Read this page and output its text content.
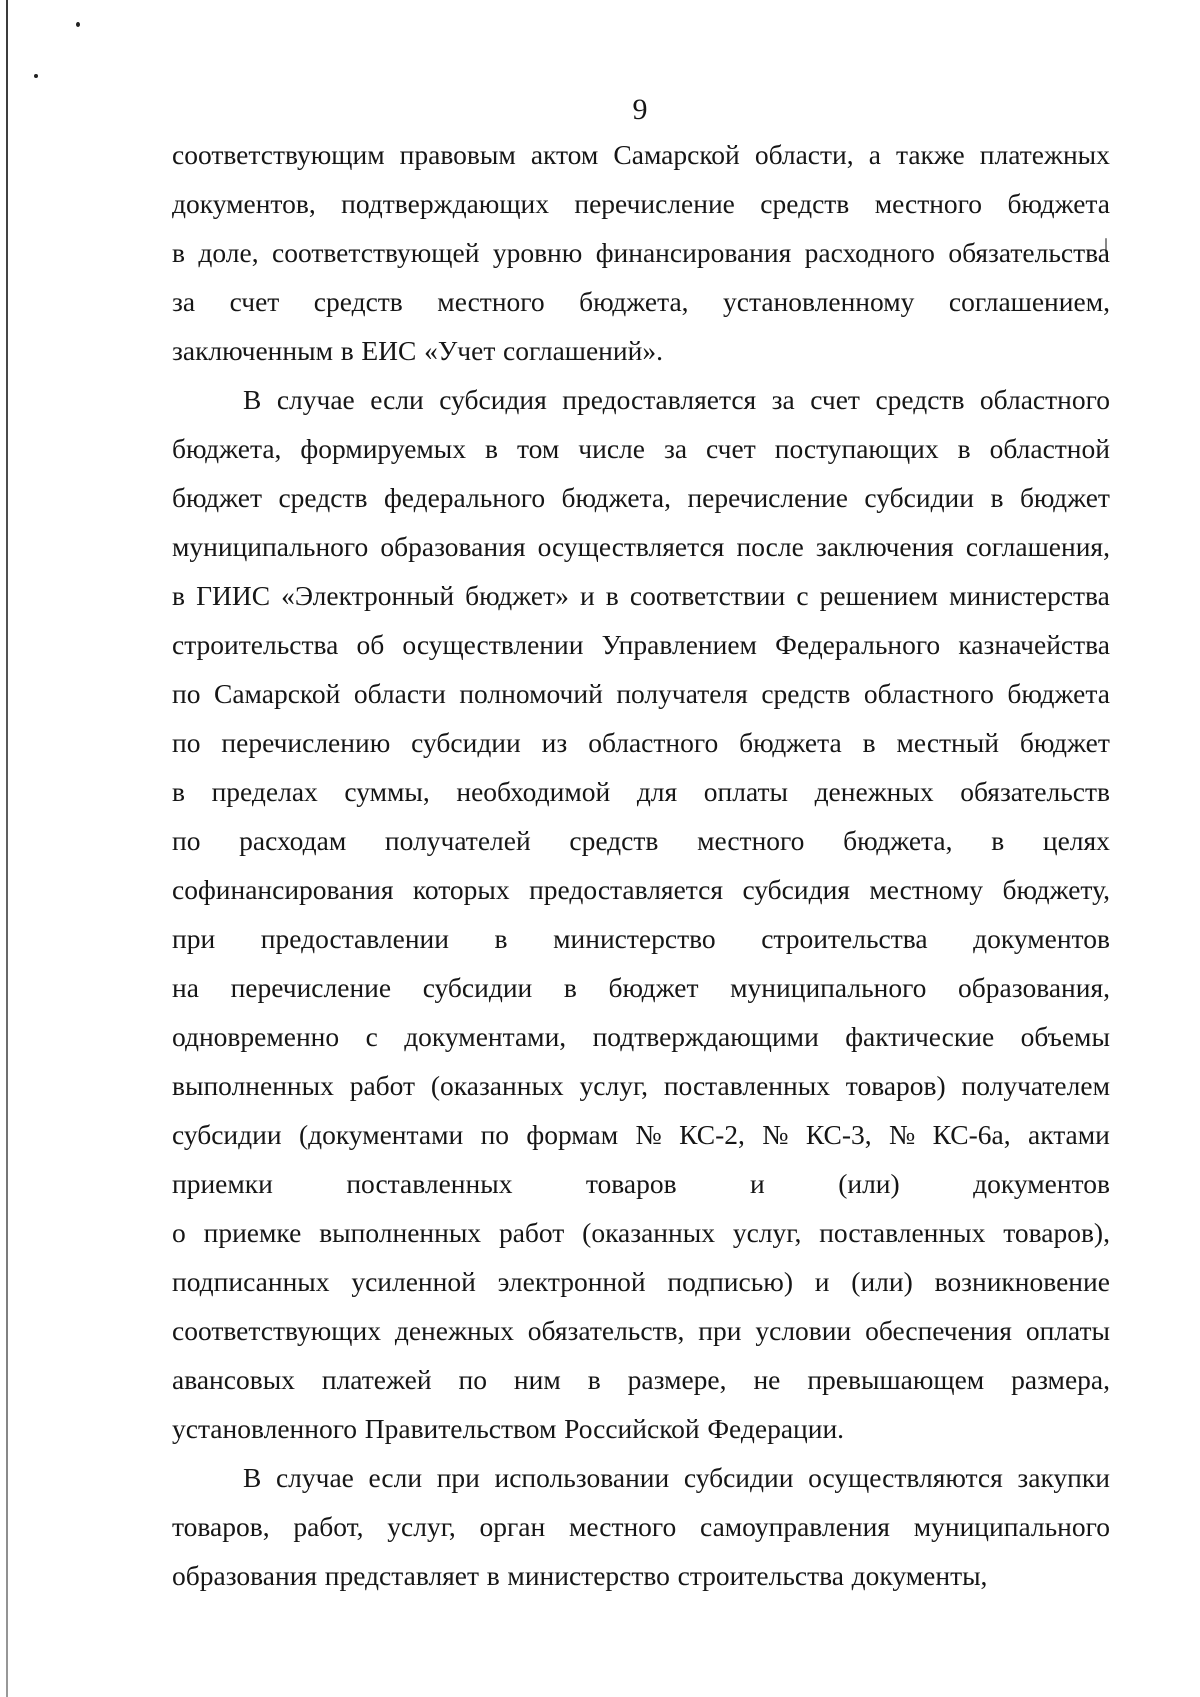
9
соответствующим правовым актом Самарской области, а также платежных
документов, подтверждающих перечисление средств местного бюджета
в доле, соответствующей уровню финансирования расходного обязательства
за счет средств местного бюджета, установленному соглашением,
заключенным в ЕИС «Учет соглашений».
В случае если субсидия предоставляется за счет средств областного
бюджета, формируемых в том числе за счет поступающих в областной
бюджет средств федерального бюджета, перечисление субсидии в бюджет
муниципального образования осуществляется после заключения соглашения,
в ГИИС «Электронный бюджет» и в соответствии с решением министерства
строительства об осуществлении Управлением Федерального казначейства
по Самарской области полномочий получателя средств областного бюджета
по перечислению субсидии из областного бюджета в местный бюджет
в пределах суммы, необходимой для оплаты денежных обязательств
по расходам получателей средств местного бюджета, в целях
софинансирования которых предоставляется субсидия местному бюджету,
при предоставлении в министерство строительства документов
на перечисление субсидии в бюджет муниципального образования,
одновременно с документами, подтверждающими фактические объемы
выполненных работ (оказанных услуг, поставленных товаров) получателем
субсидии (документами по формам № КС-2, № КС-3, № КС-6а, актами
приемки	поставленных	товаров	и	(или)	документов
о приемке выполненных работ (оказанных услуг, поставленных товаров),
подписанных усиленной электронной подписью) и (или) возникновение
соответствующих денежных обязательств, при условии обеспечения оплаты
авансовых платежей по ним в размере, не превышающем размера,
установленного Правительством Российской Федерации.
В случае если при использовании субсидии осуществляются закупки
товаров, работ, услуг, орган местного самоуправления муниципального
образования представляет в министерство строительства документы,
